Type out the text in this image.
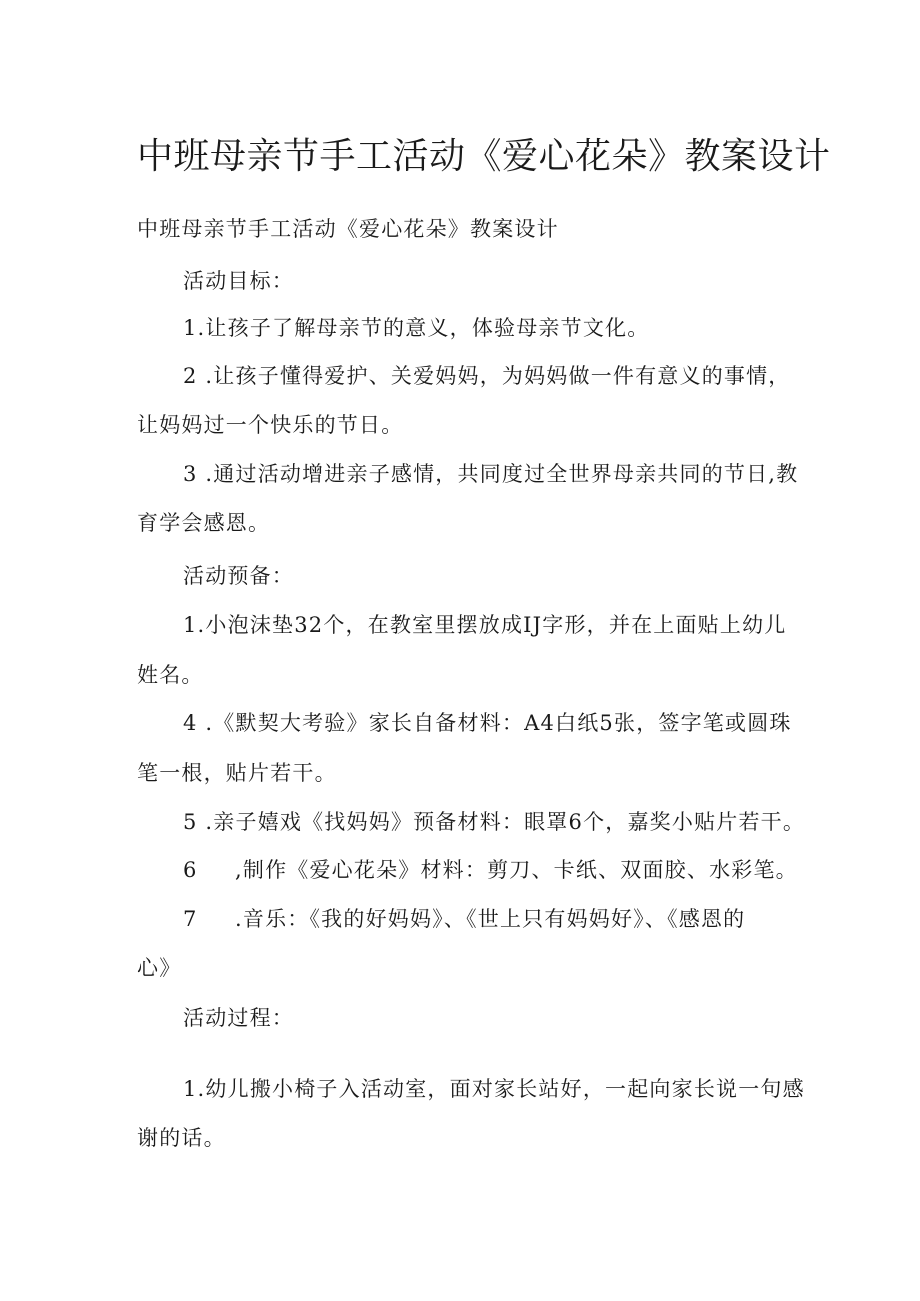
中班母亲节手工活动《爱心花朵》教案设计
中班母亲节手工活动《爱心花朵》教案设计
活动目标：
1.让孩子了解母亲节的意义，体验母亲节文化。
2 .让孩子懂得爱护、关爱妈妈，为妈妈做一件有意义的事情，
让妈妈过一个快乐的节日。
3 .通过活动增进亲子感情，共同度过全世界母亲共同的节日,教
育学会感恩。
活动预备：
1.小泡沫垫32个，在教室里摆放成IJ字形，并在上面贴上幼儿
姓名。
4 .《默契大考验》家长自备材料：A4白纸5张，签字笔或圆珠
笔一根，贴片若干。
5 .亲子嬉戏《找妈妈》预备材料：眼罩6个，嘉奖小贴片若干。
6 ,制作《爱心花朵》材料：剪刀、卡纸、双面胶、水彩笔。
7 .音乐：《我的好妈妈》、《世上只有妈妈好》、《感恩的
心》
活动过程：
1.幼儿搬小椅子入活动室，面对家长站好，一起向家长说一句感
谢的话。
